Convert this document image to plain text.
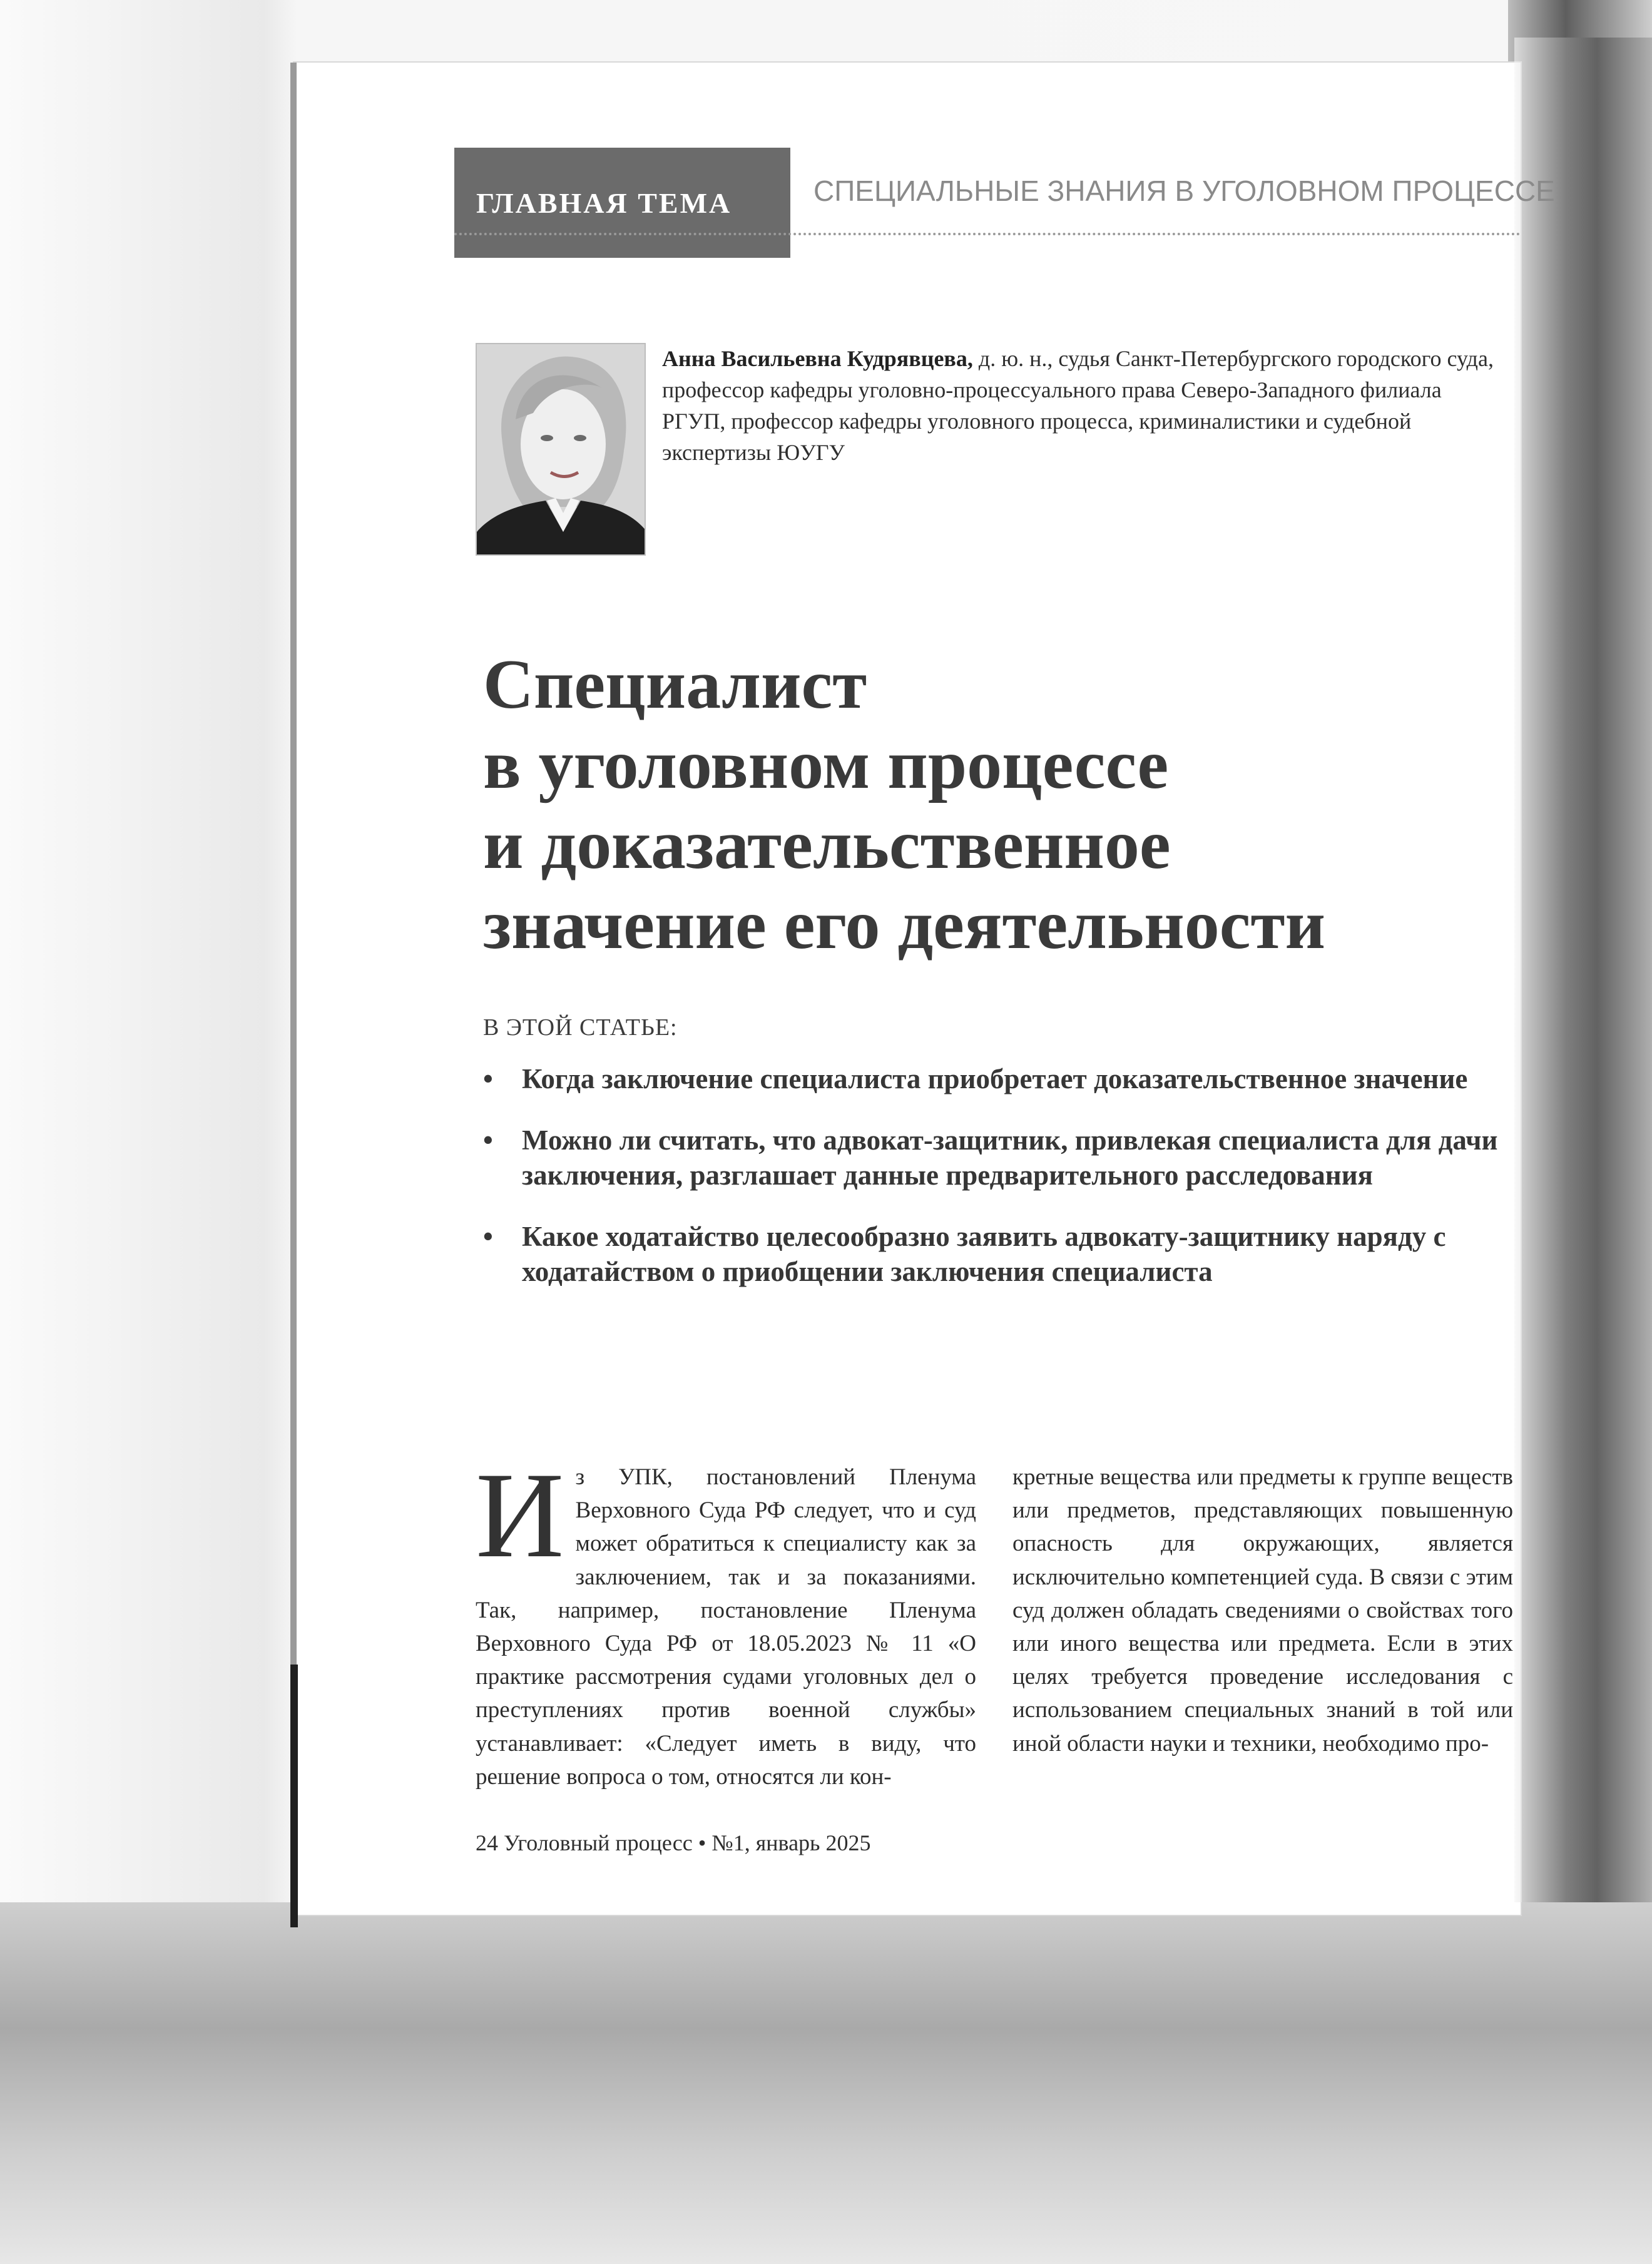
ГЛАВНАЯ ТЕМА	СПЕЦИАЛЬНЫЕ ЗНАНИЯ В УГОЛОВНОМ ПРОЦЕССЕ
Анна Васильевна Кудрявцева, д. ю. н., судья Санкт-Петербургского городского суда, профессор кафедры уголовно-процессуального права Северо-Западного филиала РГУП, профессор кафедры уголовного процесса, криминалистики и судебной экспертизы ЮУГУ
Специалист
в уголовном процессе
и доказательственное
значение его деятельности
В ЭТОЙ СТАТЬЕ:
• Когда заключение специалиста приобретает доказательственное значение
• Можно ли считать, что адвокат-защитник, привлекая специалиста для дачи заключения, разглашает данные предварительного расследования
• Какое ходатайство целесообразно заявить адвокату-защитнику наряду с ходатайством о приобщении заключения специалиста
Из УПК, постановлений Пленума Верховного Суда РФ следует, что и суд может обратиться к специалисту как за заключением, так и за показаниями. Так, например, постановление Пленума Верховного Суда РФ от 18.05.2023 № 11 «О практике рассмотрения судами уголовных дел о преступлениях против военной службы» устанавливает: «Следует иметь в виду, что решение вопроса о том, относятся ли кон-
кретные вещества или предметы к группе веществ или предметов, представляющих повышенную опасность для окружающих, является исключительно компетенцией суда. В связи с этим суд должен обладать сведениями о свойствах того или иного вещества или предмета. Если в этих целях требуется проведение исследования с использованием специальных знаний в той или иной области науки и техники, необходимо про-
24 Уголовный процесс • №1, январь 2025
